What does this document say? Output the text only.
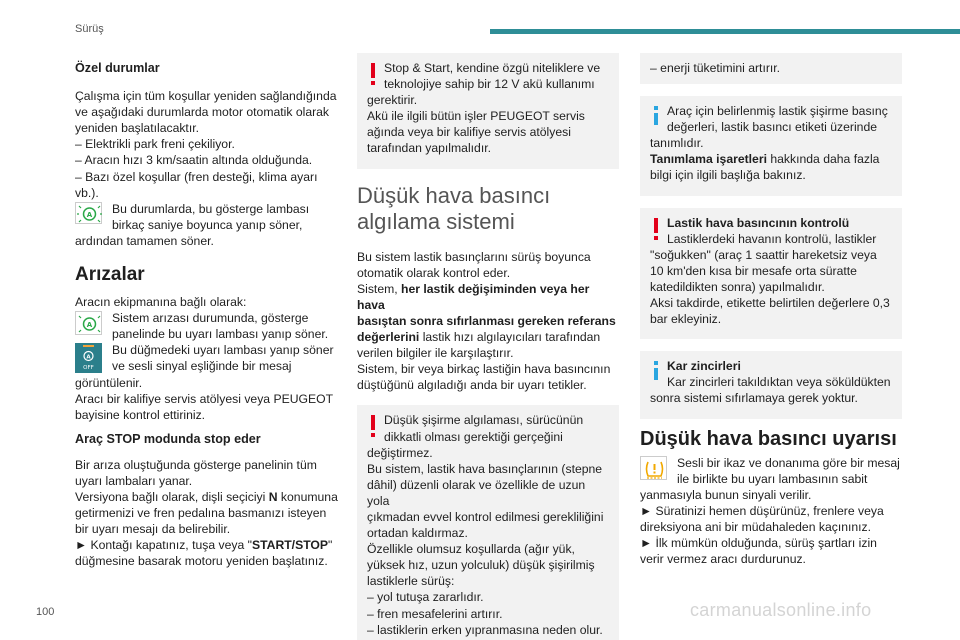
Sürüş
Özel durumlar
Çalışma için tüm koşullar yeniden sağlandığında
ve aşağıdaki durumlarda motor otomatik olarak
yeniden başlatılacaktır.
– Elektrikli park freni çekiliyor.
– Aracın hızı 3 km/saatin altında olduğunda.
– Bazı özel koşullar (fren desteği, klima ayarı
vb.).
A Bu durumlarda, bu gösterge lambası
birkaç saniye boyunca yanıp söner,
ardından tamamen söner.
Arızalar
Aracın ekipmanına bağlı olarak:
A Sistem arızası durumunda, gösterge
panelinde bu uyarı lambası yanıp söner.
A
OFF
Bu düğmedeki uyarı lambası yanıp söner
ve sesli sinyal eşliğinde bir mesaj
görüntülenir.
Aracı bir kalifiye servis atölyesi veya PEUGEOT
bayisine kontrol ettiriniz.
Araç STOP modunda stop eder
Bir arıza oluştuğunda gösterge panelinin tüm
uyarı lambaları yanar.
Versiyona bağlı olarak, dişli seçiciyi N konumuna
getirmenizi ve fren pedalına basmanızı isteyen
bir uyarı mesajı da belirebilir.
► Kontağı kapatınız, tuşa veya "START/STOP"
düğmesine basarak motoru yeniden başlatınız.
Stop & Start, kendine özgü niteliklere ve
teknolojiye sahip bir 12 V akü kullanımı
gerektirir.
Akü ile ilgili bütün işler PEUGEOT servis
ağında veya bir kalifiye servis atölyesi
tarafından yapılmalıdır.
Düşük hava basıncı
algılama sistemi
Bu sistem lastik basınçlarını sürüş boyunca
otomatik olarak kontrol eder.
Sistem, her lastik değişiminden veya her hava
basıştan sonra sıfırlanması gereken referans
değerlerini lastik hızı algılayıcıları tarafından
verilen bilgiler ile karşılaştırır.
Sistem, bir veya birkaç lastiğin hava basıncının
düştüğünü algıladığı anda bir uyarı tetikler.
Düşük şişirme algılaması, sürücünün
dikkatli olması gerektiği gerçeğini
değiştirmez.
Bu sistem, lastik hava basınçlarının (stepne
dâhil) düzenli olarak ve özellikle de uzun yola
çıkmadan evvel kontrol edilmesi gerekliliğini
ortadan kaldırmaz.
Özellikle olumsuz koşullarda (ağır yük,
yüksek hız, uzun yolculuk) düşük şişirilmiş
lastiklerle sürüş:
– yol tutuşa zararlıdır.
– fren mesafelerini artırır.
– lastiklerin erken yıpranmasına neden olur.
– enerji tüketimini artırır.
Araç için belirlenmiş lastik şişirme basınç
değerleri, lastik basıncı etiketi üzerinde
tanımlıdır.
Tanımlama işaretleri hakkında daha fazla
bilgi için ilgili başlığa bakınız.
Lastik hava basıncının kontrolü
Lastiklerdeki havanın kontrolü, lastikler
"soğukken" (araç 1 saattir hareketsiz veya
10 km'den kısa bir mesafe orta süratte
katedildikten sonra) yapılmalıdır.
Aksi takdirde, etikette belirtilen değerlere 0,3
bar ekleyiniz.
Kar zincirleri
Kar zincirleri takıldıktan veya söküldükten
sonra sistemi sıfırlamaya gerek yoktur.
Düşük hava basıncı uyarısı
Sesli bir ikaz ve donanıma göre bir mesaj
ile birlikte bu uyarı lambasının sabit
yanmasıyla bunun sinyali verilir.
► Süratinizi hemen düşürünüz, frenlere veya
direksiyona ani bir müdahaleden kaçınınız.
► İlk mümkün olduğunda, sürüş şartları izin
verir vermez aracı durdurunuz.
100	carmanualsonline.info
